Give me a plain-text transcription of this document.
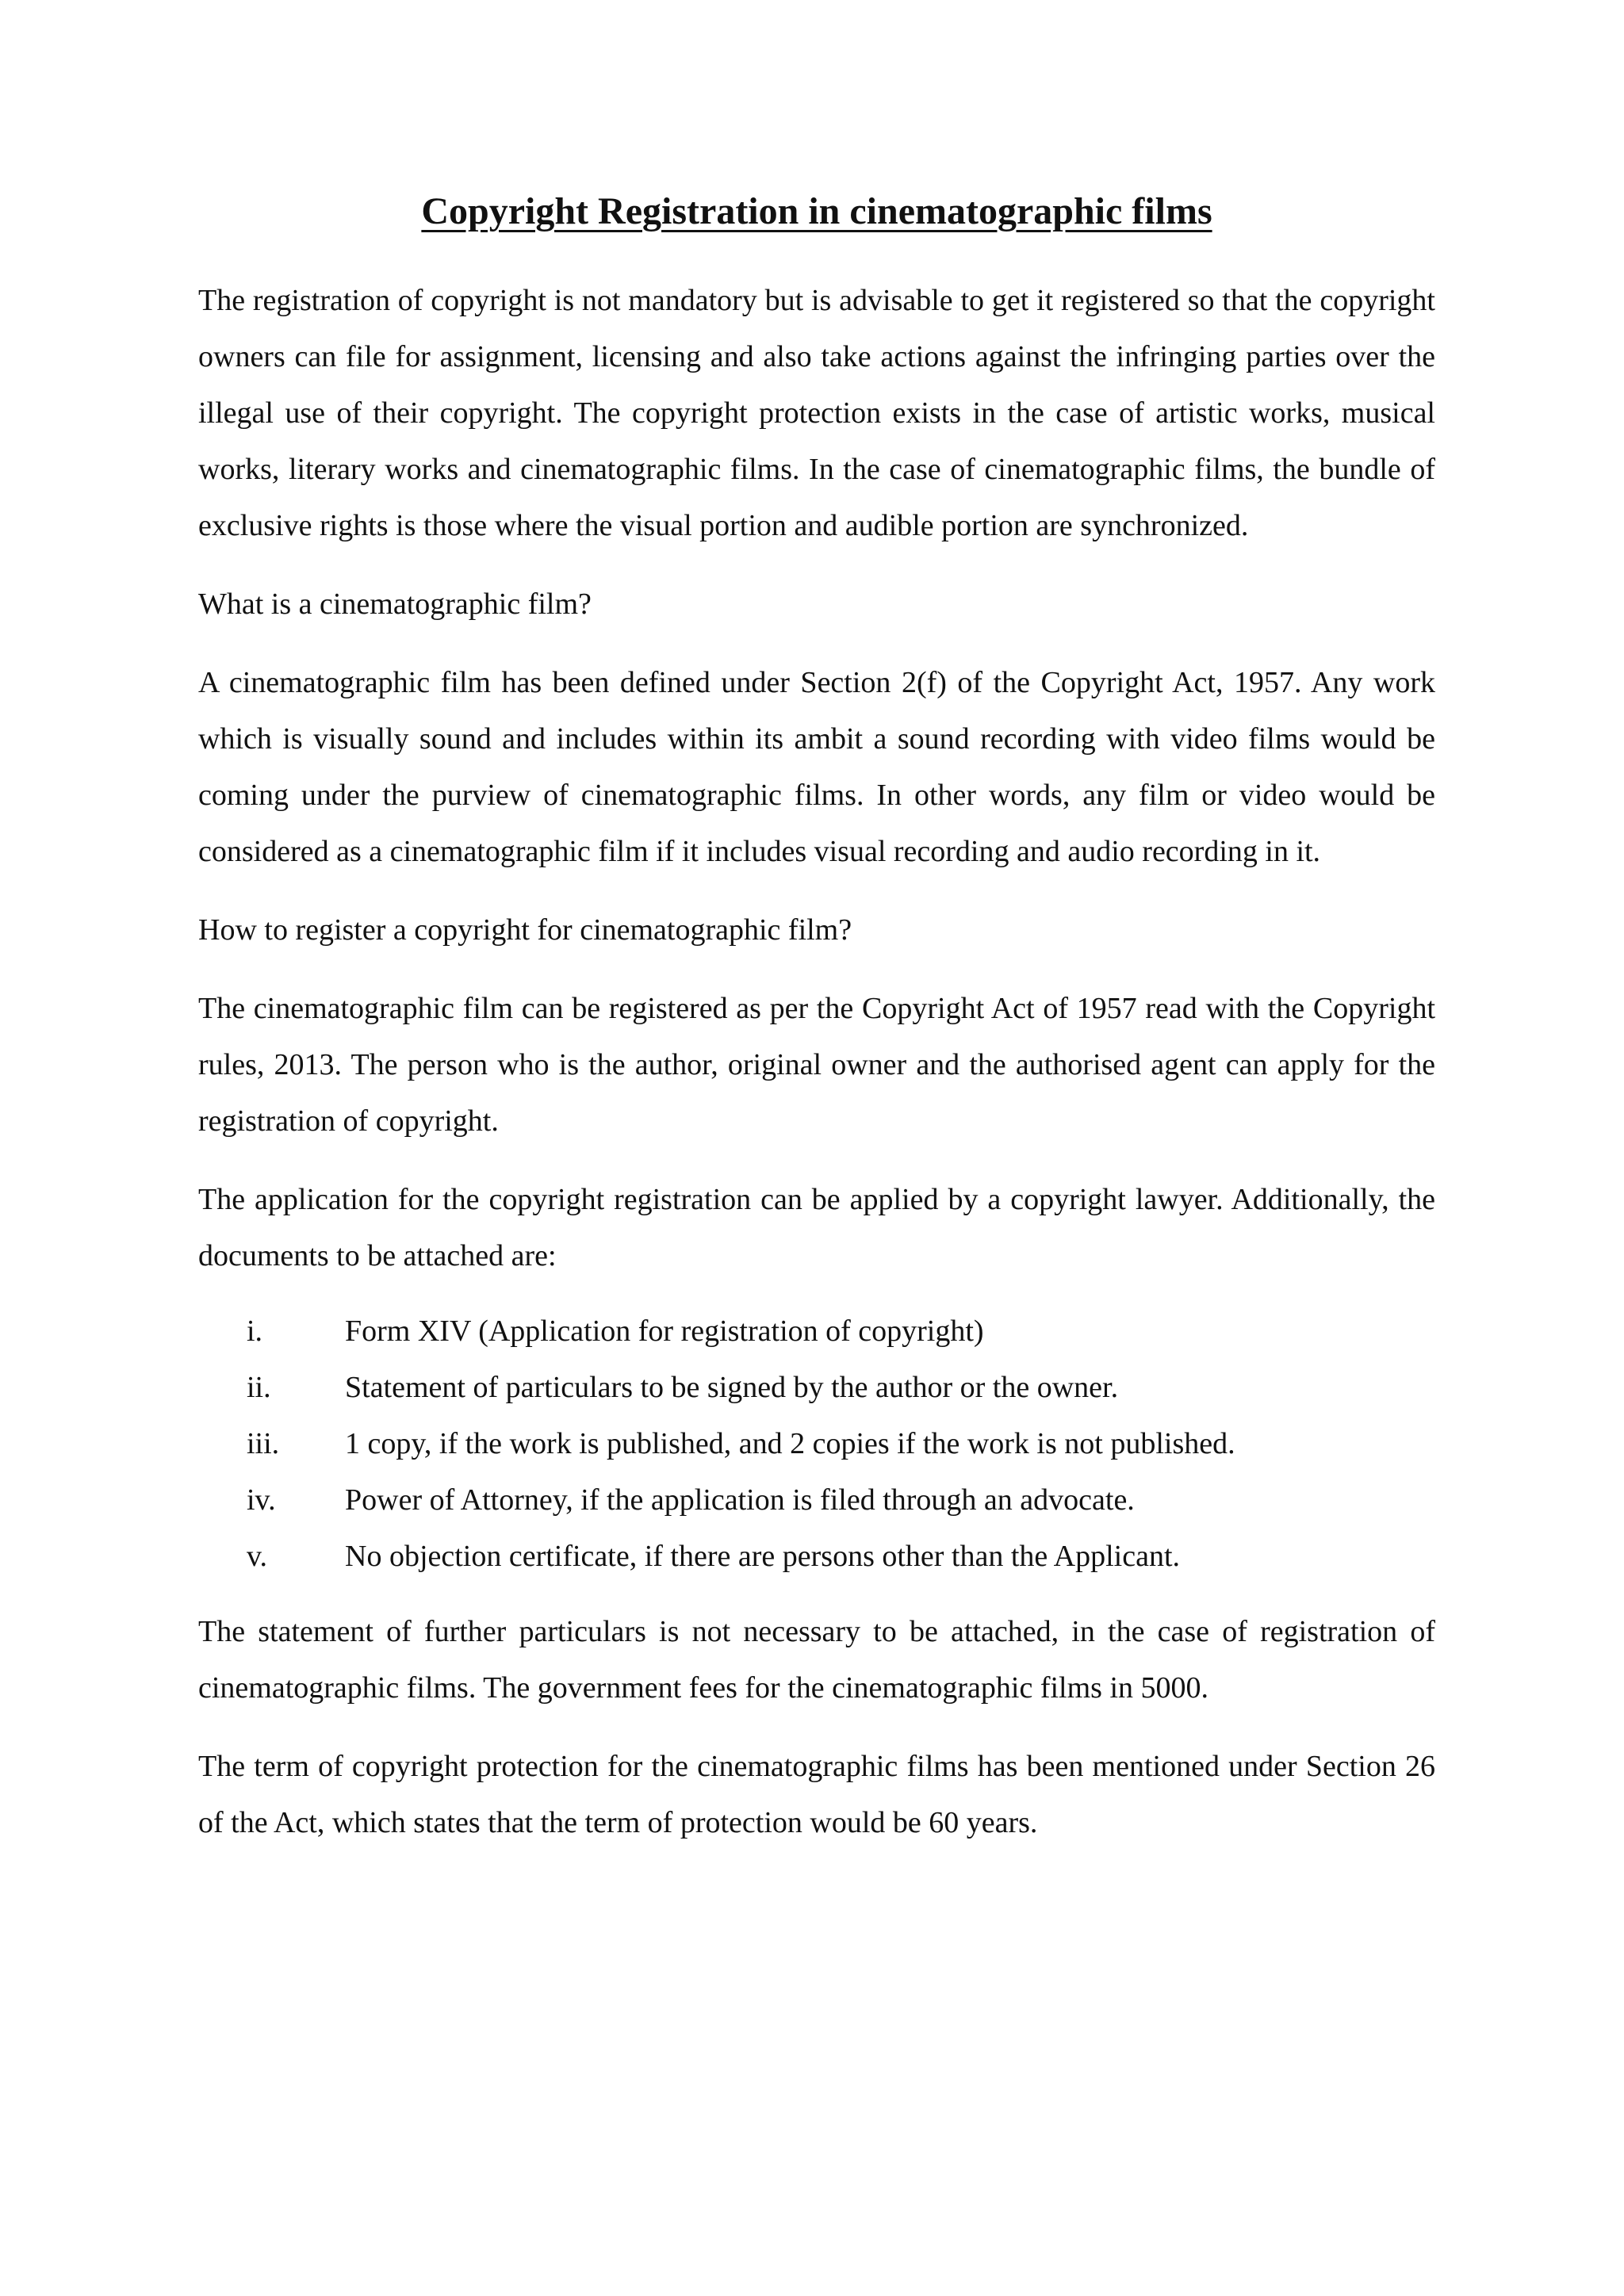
Copyright Registration in cinematographic films

The registration of copyright is not mandatory but is advisable to get it registered so that the copyright owners can file for assignment, licensing and also take actions against the infringing parties over the illegal use of their copyright. The copyright protection exists in the case of artistic works, musical works, literary works and cinematographic films. In the case of cinematographic films, the bundle of exclusive rights is those where the visual portion and audible portion are synchronized.

What is a cinematographic film?

A cinematographic film has been defined under Section 2(f) of the Copyright Act, 1957. Any work which is visually sound and includes within its ambit a sound recording with video films would be coming under the purview of cinematographic films. In other words, any film or video would be considered as a cinematographic film if it includes visual recording and audio recording in it.

How to register a copyright for cinematographic film?

The cinematographic film can be registered as per the Copyright Act of 1957 read with the Copyright rules, 2013. The person who is the author, original owner and the authorised agent can apply for the registration of copyright.

The application for the copyright registration can be applied by a copyright lawyer. Additionally, the documents to be attached are:

i.	Form XIV (Application for registration of copyright)
ii.	Statement of particulars to be signed by the author or the owner.
iii.	1 copy, if the work is published, and 2 copies if the work is not published.
iv.	Power of Attorney, if the application is filed through an advocate.
v.	No objection certificate, if there are persons other than the Applicant.

The statement of further particulars is not necessary to be attached, in the case of registration of cinematographic films. The government fees for the cinematographic films in 5000.

The term of copyright protection for the cinematographic films has been mentioned under Section 26 of the Act, which states that the term of protection would be 60 years.
